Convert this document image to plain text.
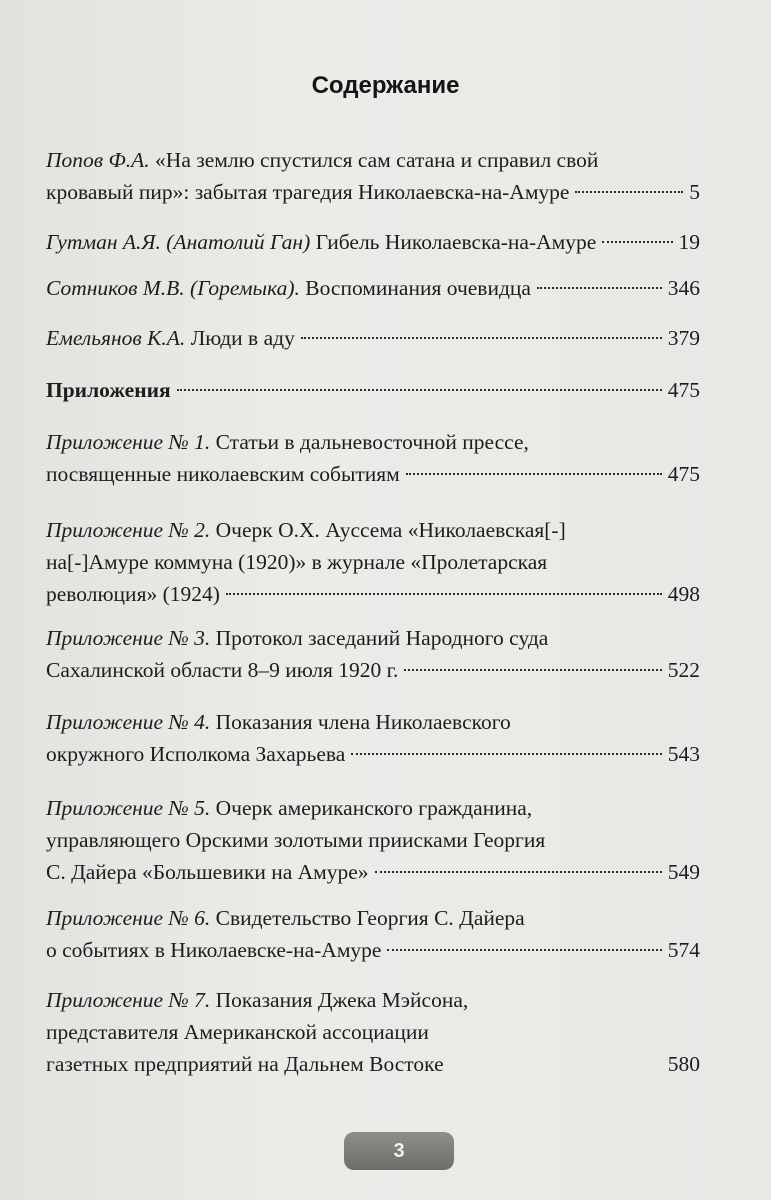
Содержание
Попов Ф.А. «На землю спустился сам сатана и справил свой
кровавый пир»: забытая трагедия Николаевска-на-Амуре	5
Гутман А.Я. (Анатолий Ган) Гибель Николаевска-на-Амуре	19
Сотников М.В. (Горемыка). Воспоминания очевидца	346
Емельянов К.А. Люди в аду	379
Приложения	475
Приложение № 1. Статьи в дальневосточной прессе,
посвященные николаевским событиям	475
Приложение № 2. Очерк О.Х. Ауссема «Николаевская[-]
на[-]Амуре коммуна (1920)» в журнале «Пролетарская
революция» (1924)	498
Приложение № 3. Протокол заседаний Народного суда
Сахалинской области 8–9 июля 1920 г.	522
Приложение № 4. Показания члена Николаевского
окружного Исполкома Захарьева	543
Приложение № 5. Очерк американского гражданина,
управляющего Орскими золотыми приисками Георгия
С. Дайера «Большевики на Амуре»	549
Приложение № 6. Свидетельство Георгия С. Дайера
о событиях в Николаевске-на-Амуре	574
Приложение № 7. Показания Джека Мэйсона,
представителя Американской ассоциации
газетных предприятий на Дальнем Востоке	580
3
